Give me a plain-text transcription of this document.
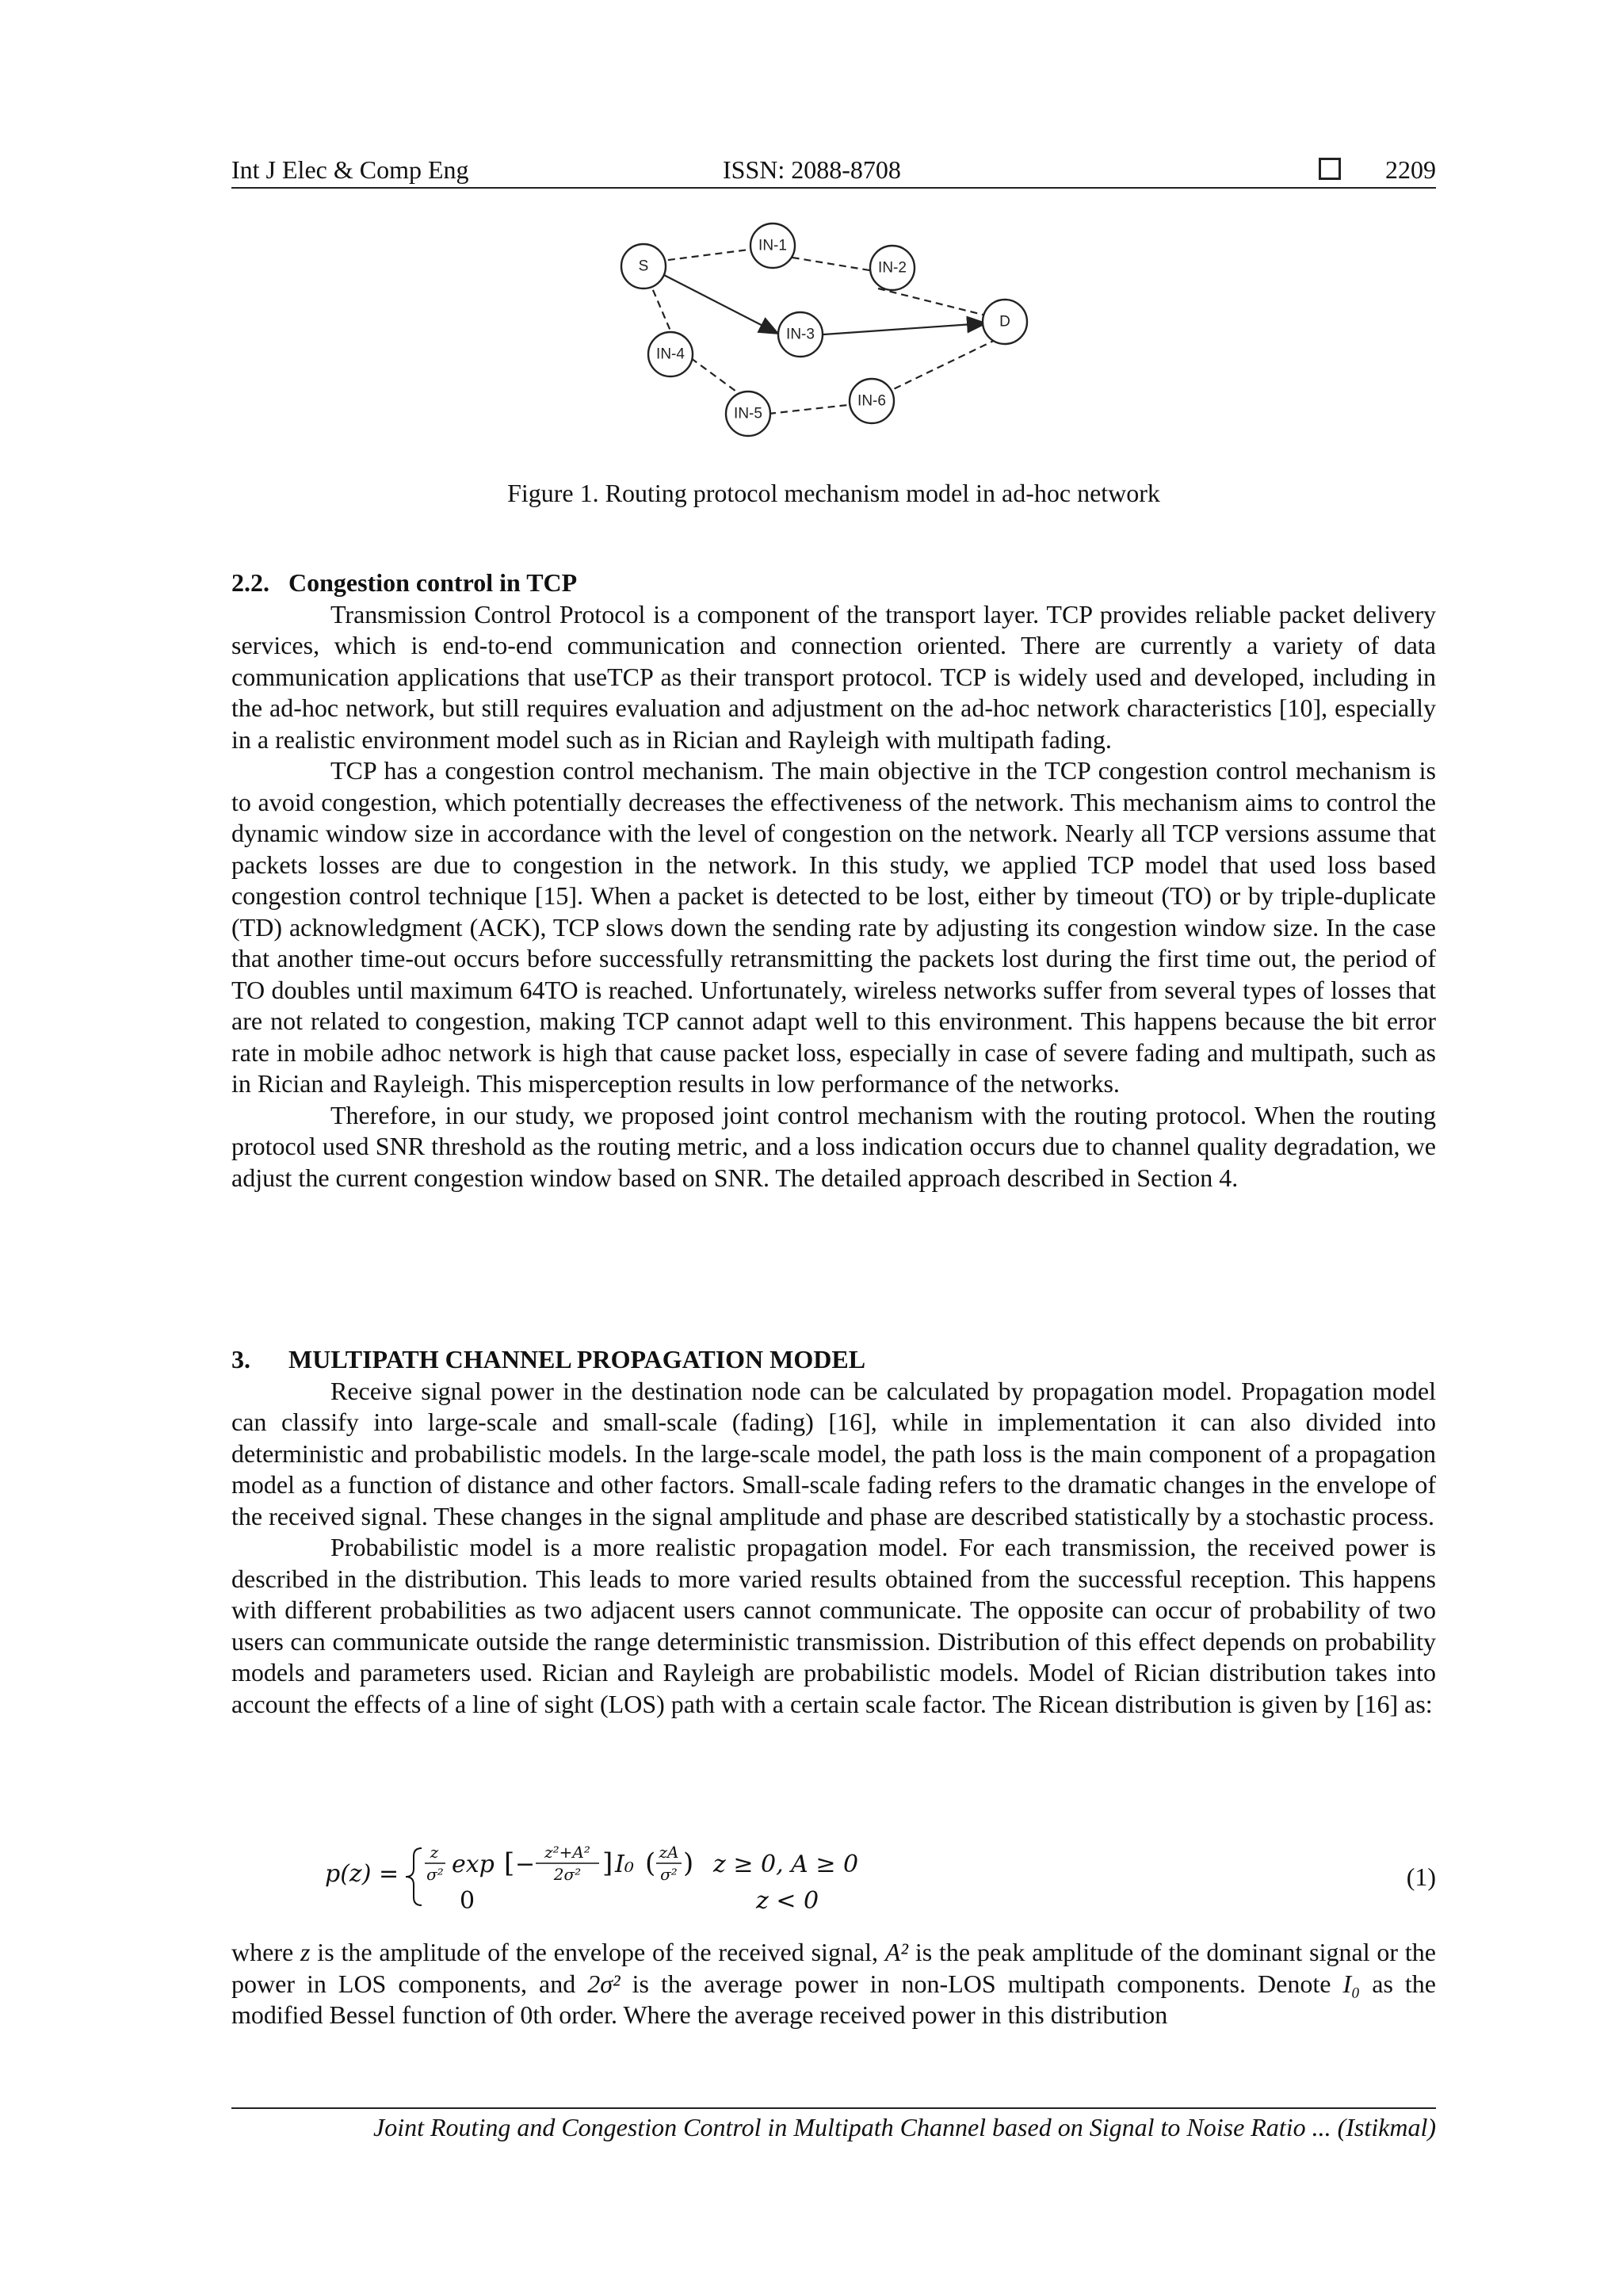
Int J Elec & Comp Eng	ISSN: 2088-8708	2209
S
IN-1
IN-2
IN-3
D
IN-4
IN-5
IN-6
Figure 1. Routing protocol mechanism model in ad-hoc network
2.2.   Congestion control in TCP

Transmission Control Protocol is a component of the transport layer. TCP provides reliable packet delivery services, which is end-to-end communication and connection oriented. There are currently a variety of data communication applications that useTCP as their transport protocol. TCP is widely used and developed, including in the ad-hoc network, but still requires evaluation and adjustment on the ad-hoc network characteristics [10], especially in a realistic environment model such as in Rician and Rayleigh with multipath fading.

TCP has a congestion control mechanism. The main objective in the TCP congestion control mechanism is to avoid congestion, which potentially decreases the effectiveness of the network. This mechanism aims to control the dynamic window size in accordance with the level of congestion on the network. Nearly all TCP versions assume that packets losses are due to congestion in the network. In this study, we applied TCP model that used loss based congestion control technique [15]. When a packet is detected to be lost, either by timeout (TO) or by triple-duplicate (TD) acknowledgment (ACK), TCP slows down the sending rate by adjusting its congestion window size. In the case that another time-out occurs before successfully retransmitting the packets lost during the first time out, the period of TO doubles until maximum 64TO is reached. Unfortunately, wireless networks suffer from several types of losses that are not related to congestion, making TCP cannot adapt well to this environment. This happens because the bit error rate in mobile adhoc network is high that cause packet loss, especially in case of severe fading and multipath, such as in Rician and Rayleigh. This misperception results in low performance of the networks.

Therefore, in our study, we proposed joint control mechanism with the routing protocol. When the routing protocol used SNR threshold as the routing metric, and a loss indication occurs due to channel quality degradation, we adjust the current congestion window based on SNR. The detailed approach described in Section 4.

3.      MULTIPATH CHANNEL PROPAGATION MODEL

Receive signal power in the destination node can be calculated by propagation model. Propagation model can classify into large-scale and small-scale (fading) [16], while in implementation it can also divided into deterministic and probabilistic models. In the large-scale model, the path loss is the main component of a propagation model as a function of distance and other factors. Small-scale fading refers to the dramatic changes in the envelope of the received signal. These changes in the signal amplitude and phase are described statistically by a stochastic process.

Probabilistic model is a more realistic propagation model. For each transmission, the received power is described in the distribution. This leads to more varied results obtained from the successful reception. This happens with different probabilities as two adjacent users cannot communicate. The opposite can occur of probability of two users can communicate outside the range deterministic transmission. Distribution of this effect depends on probability models and parameters used. Rician and Rayleigh are probabilistic models. Model of Rician distribution takes into account the effects of a line of sight (LOS) path with a certain scale factor. The Ricean distribution is given by [16] as:

p(z) =
z
σ² exp [ − z²+A²
2σ² ] I₀ ( zA
σ² ) z ≥ 0, A ≥ 0
0	z < 0
(1)

where z is the amplitude of the envelope of the received signal, A² is the peak amplitude of the dominant signal or the power in LOS components, and 2σ² is the average power in non-LOS multipath components. Denote I₀ as the modified Bessel function of 0th order. Where the average received power in this distribution

Joint Routing and Congestion Control in Multipath Channel based on Signal to Noise Ratio ... (Istikmal)
